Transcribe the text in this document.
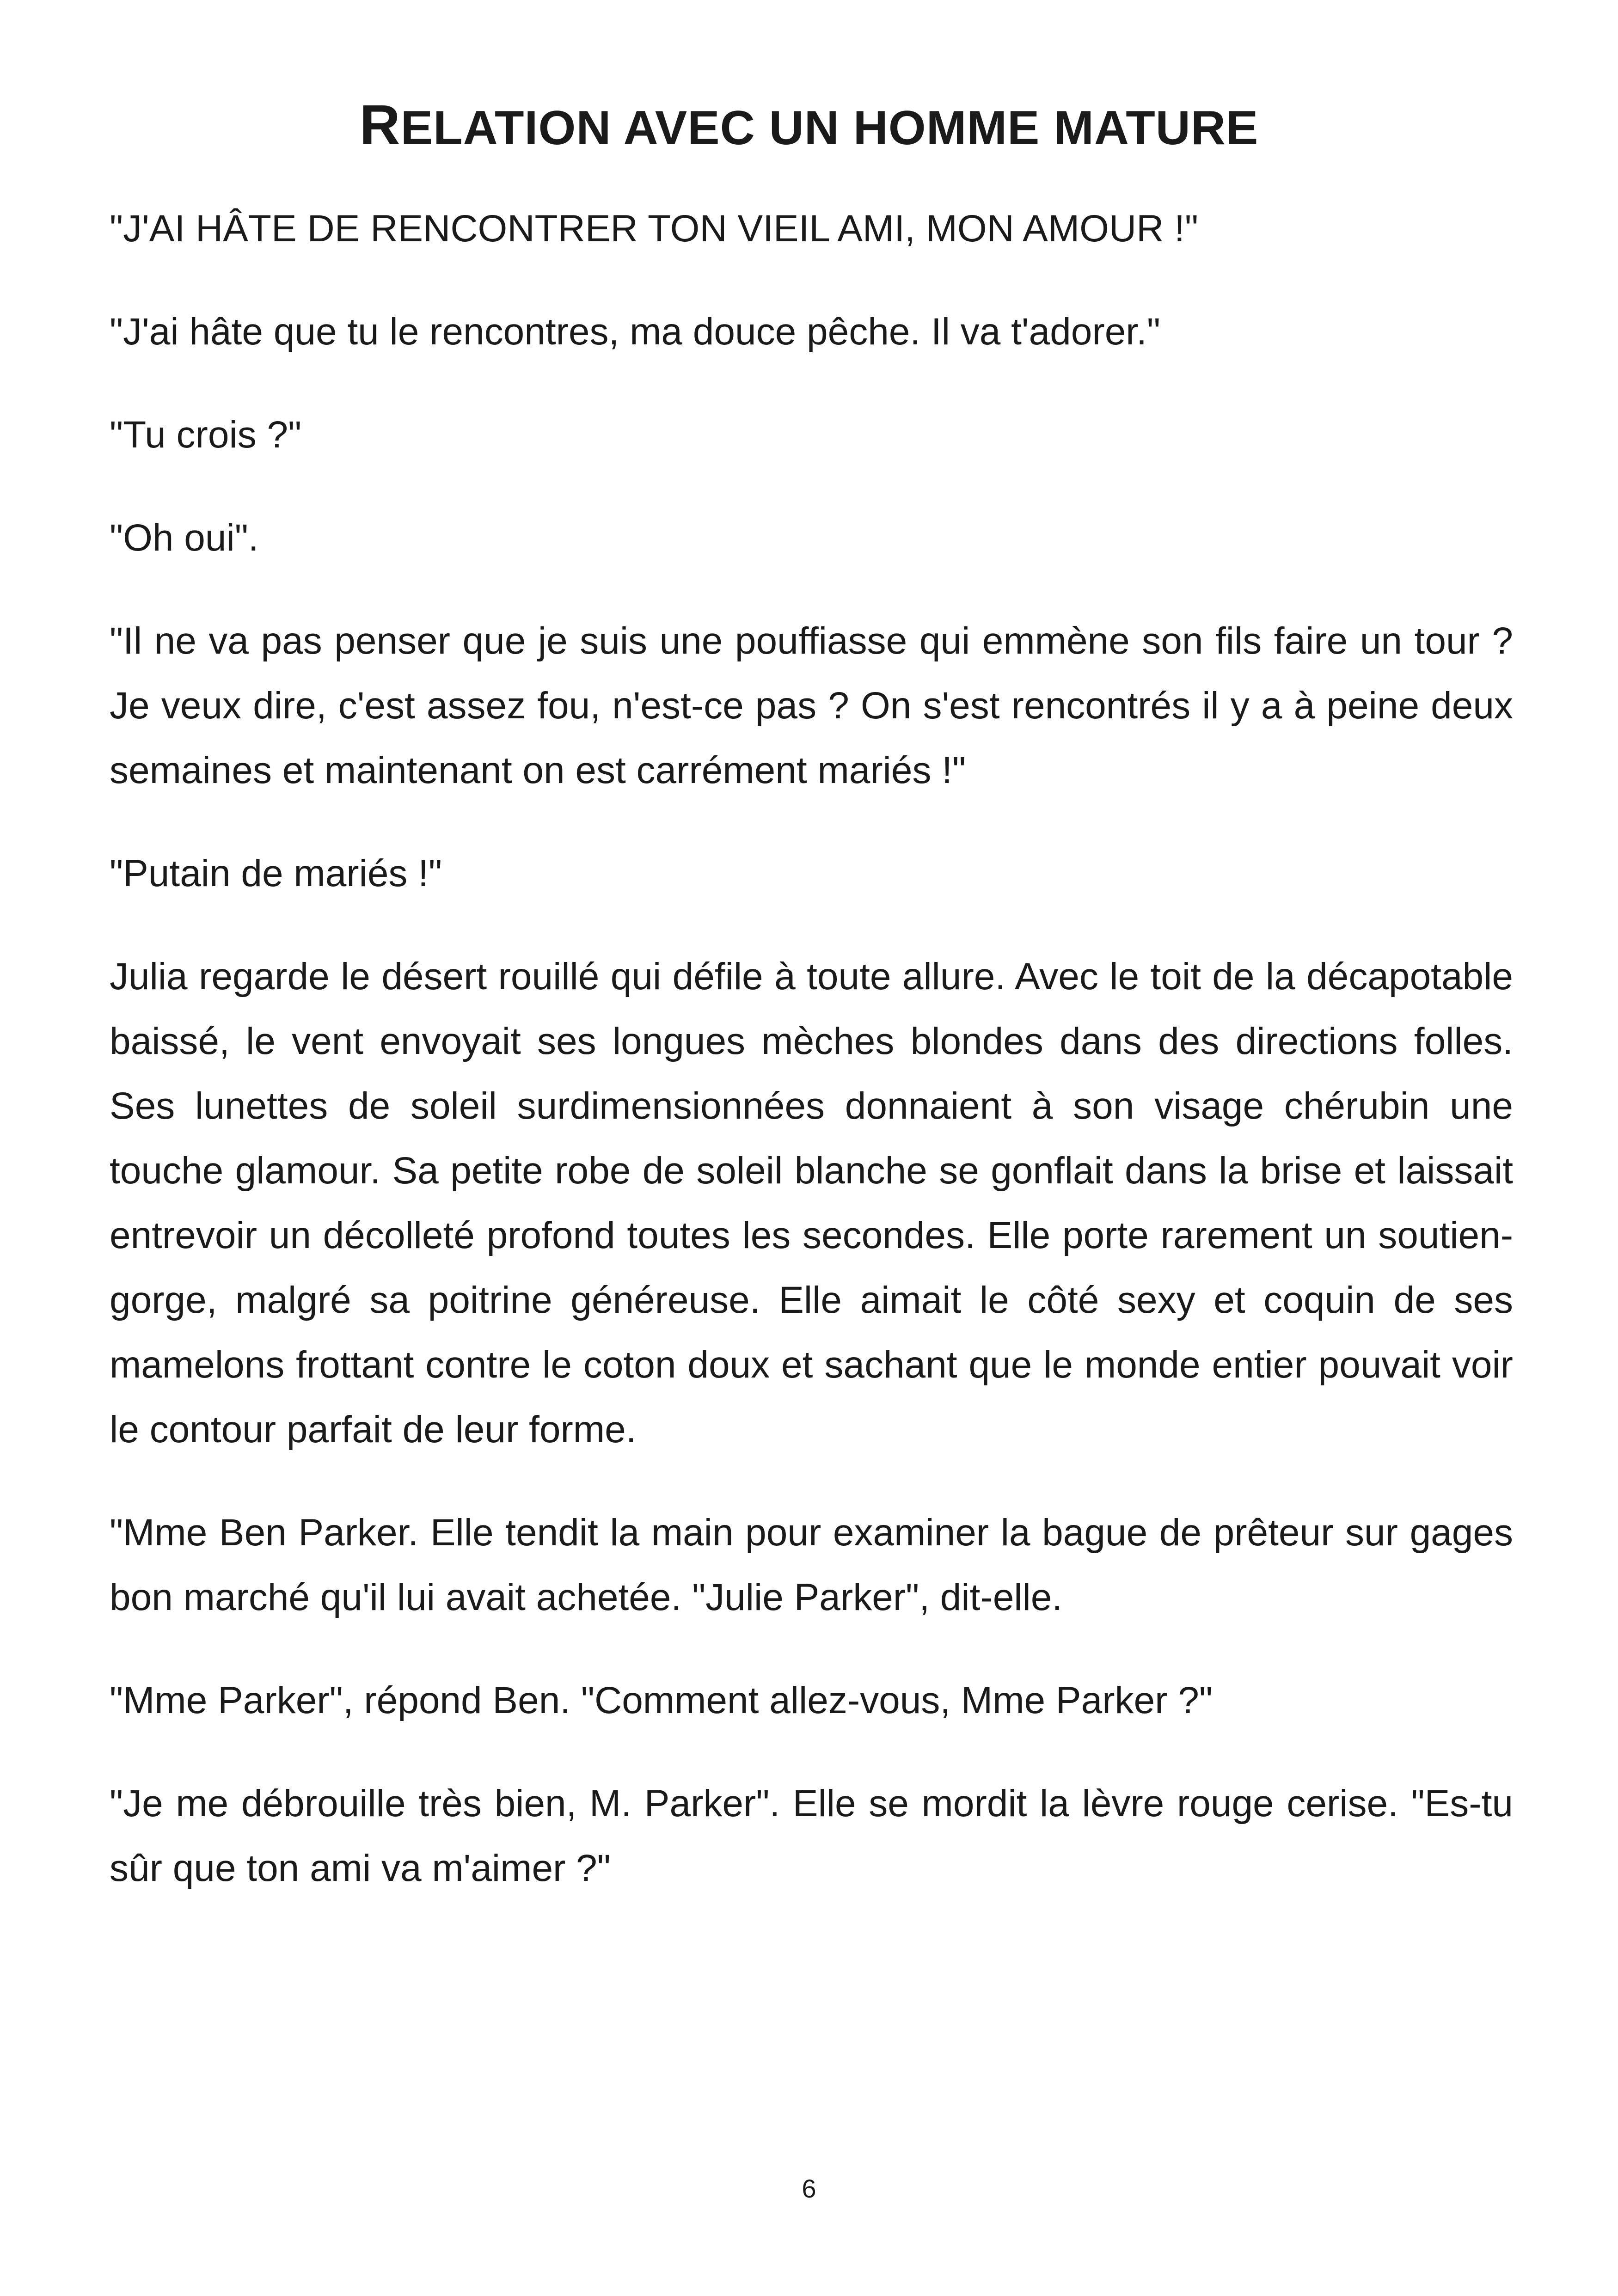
RELATION AVEC UN HOMME MATURE

"J'AI HÂTE DE RENCONTRER TON VIEIL AMI, MON AMOUR !"

"J'ai hâte que tu le rencontres, ma douce pêche. Il va t'adorer."

"Tu crois ?"

"Oh oui".

"Il ne va pas penser que je suis une pouffiasse qui emmène son fils faire un tour ? Je veux dire, c'est assez fou, n'est-ce pas ? On s'est rencontrés il y a à peine deux semaines et maintenant on est carrément mariés !"

"Putain de mariés !"

Julia regarde le désert rouillé qui défile à toute allure. Avec le toit de la décapotable baissé, le vent envoyait ses longues mèches blondes dans des directions folles. Ses lunettes de soleil surdimensionnées donnaient à son visage chérubin une touche glamour. Sa petite robe de soleil blanche se gonflait dans la brise et laissait entrevoir un décolleté profond toutes les secondes. Elle porte rarement un soutien-gorge, malgré sa poitrine généreuse. Elle aimait le côté sexy et coquin de ses mamelons frottant contre le coton doux et sachant que le monde entier pouvait voir le contour parfait de leur forme.

"Mme Ben Parker. Elle tendit la main pour examiner la bague de prêteur sur gages bon marché qu'il lui avait achetée. "Julie Parker", dit-elle.

"Mme Parker", répond Ben. "Comment allez-vous, Mme Parker ?"

"Je me débrouille très bien, M. Parker". Elle se mordit la lèvre rouge cerise. "Es-tu sûr que ton ami va m'aimer ?"

6
